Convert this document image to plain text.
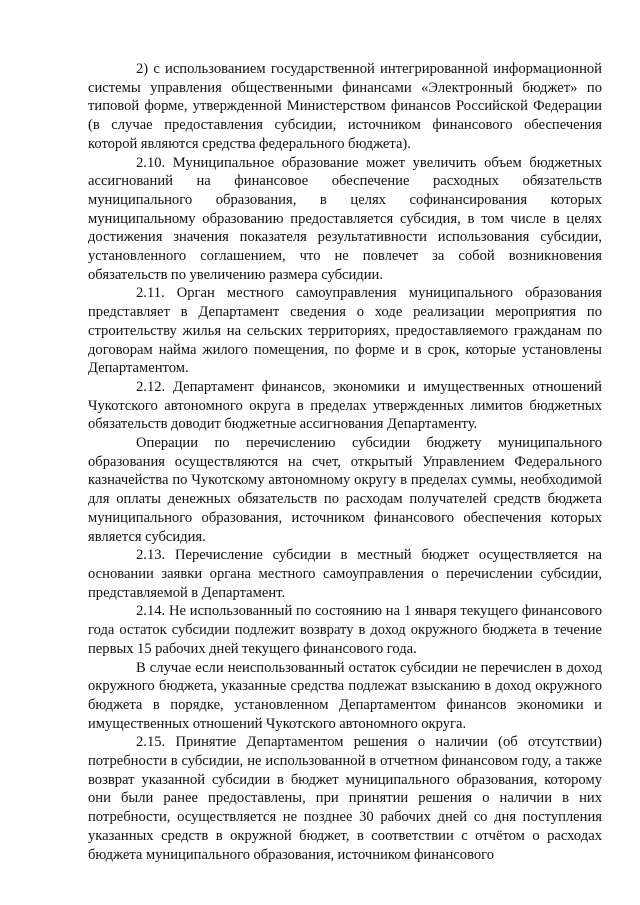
2) с использованием государственной интегрированной информационной системы управления общественными финансами «Электронный бюджет» по типовой форме, утвержденной Министерством финансов Российской Федерации (в случае предоставления субсидии, источником финансового обеспечения которой являются средства федерального бюджета).

2.10. Муниципальное образование может увеличить объем бюджетных ассигнований на финансовое обеспечение расходных обязательств муниципального образования, в целях софинансирования которых муниципальному образованию предоставляется субсидия, в том числе в целях достижения значения показателя результативности использования субсидии, установленного соглашением, что не повлечет за собой возникновения обязательств по увеличению размера субсидии.

2.11. Орган местного самоуправления муниципального образования представляет в Департамент сведения о ходе реализации мероприятия по строительству жилья на сельских территориях, предоставляемого гражданам по договорам найма жилого помещения, по форме и в срок, которые установлены Департаментом.

2.12. Департамент финансов, экономики и имущественных отношений Чукотского автономного округа в пределах утвержденных лимитов бюджетных обязательств доводит бюджетные ассигнования Департаменту.

Операции по перечислению субсидии бюджету муниципального образования осуществляются на счет, открытый Управлением Федерального казначейства по Чукотскому автономному округу в пределах суммы, необходимой для оплаты денежных обязательств по расходам получателей средств бюджета муниципального образования, источником финансового обеспечения которых является субсидия.

2.13. Перечисление субсидии в местный бюджет осуществляется на основании заявки органа местного самоуправления о перечислении субсидии, представляемой в Департамент.

2.14. Не использованный по состоянию на 1 января текущего финансового года остаток субсидии подлежит возврату в доход окружного бюджета в течение первых 15 рабочих дней текущего финансового года.

В случае если неиспользованный остаток субсидии не перечислен в доход окружного бюджета, указанные средства подлежат взысканию в доход окружного бюджета в порядке, установленном Департаментом финансов экономики и имущественных отношений Чукотского автономного округа.

2.15. Принятие Департаментом решения о наличии (об отсутствии) потребности в субсидии, не использованной в отчетном финансовом году, а также возврат указанной субсидии в бюджет муниципального образования, которому они были ранее предоставлены, при принятии решения о наличии в них потребности, осуществляется не позднее 30 рабочих дней со дня поступления указанных средств в окружной бюджет, в соответствии с отчётом о расходах бюджета муниципального образования, источником финансового
